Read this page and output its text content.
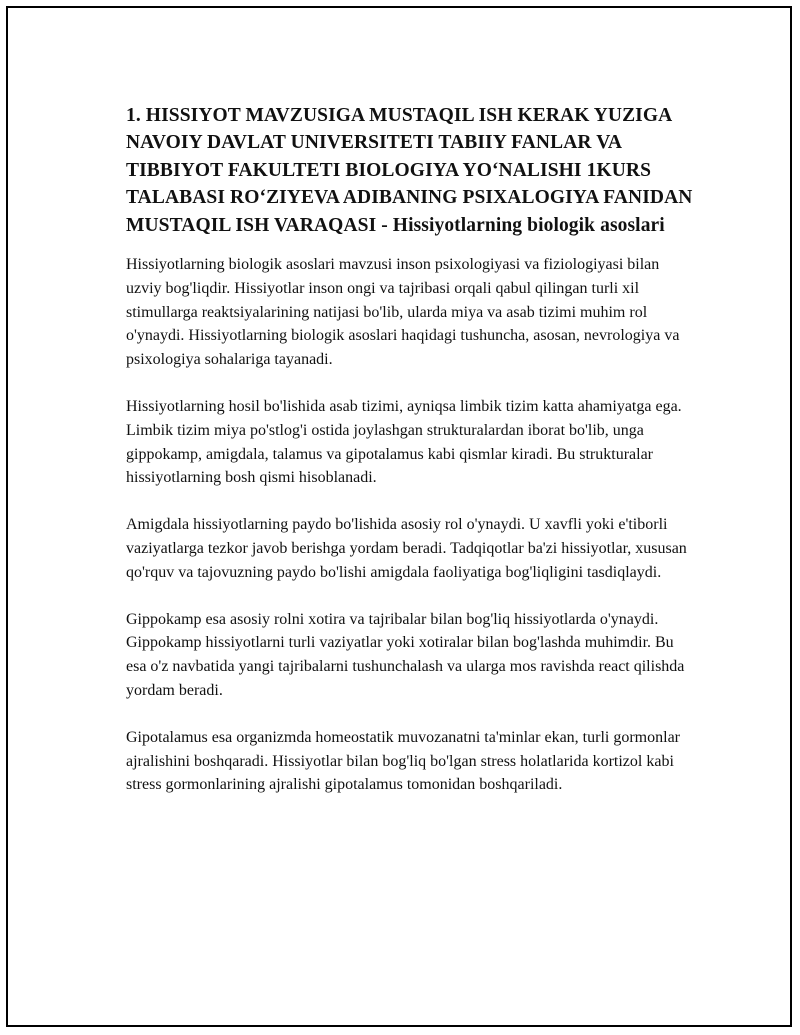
1. HISSIYOT MAVZUSIGA MUSTAQIL ISH KERAK YUZIGA NAVOIY DAVLAT UNIVERSITETI TABIIY FANLAR VA TIBBIYOT FAKULTETI BIOLOGIYA YO‘NALISHI 1KURS TALABASI RO‘ZIYEVA ADIBANING PSIXALOGIYA FANIDAN MUSTAQIL ISH VARAQASI - Hissiyotlarning biologik asoslari

Hissiyotlarning biologik asoslari mavzusi inson psixologiyasi va fiziologiyasi bilan uzviy bog'liqdir. Hissiyotlar inson ongi va tajribasi orqali qabul qilingan turli xil stimullarga reaktsiyalarining natijasi bo'lib, ularda miya va asab tizimi muhim rol o'ynaydi. Hissiyotlarning biologik asoslari haqidagi tushuncha, asosan, nevrologiya va psixologiya sohalariga tayanadi.

Hissiyotlarning hosil bo'lishida asab tizimi, ayniqsa limbik tizim katta ahamiyatga ega. Limbik tizim miya po'stlog'i ostida joylashgan strukturalardan iborat bo'lib, unga gippokamp, amigdala, talamus va gipotalamus kabi qismlar kiradi. Bu strukturalar hissiyotlarning bosh qismi hisoblanadi.

Amigdala hissiyotlarning paydo bo'lishida asosiy rol o'ynaydi. U xavfli yoki e'tiborli vaziyatlarga tezkor javob berishga yordam beradi. Tadqiqotlar ba'zi hissiyotlar, xususan qo'rquv va tajovuzning paydo bo'lishi amigdala faoliyatiga bog'liqligini tasdiqlaydi.

Gippokamp esa asosiy rolni xotira va tajribalar bilan bog'liq hissiyotlarda o'ynaydi. Gippokamp hissiyotlarni turli vaziyatlar yoki xotiralar bilan bog'lashda muhimdir. Bu esa o'z navbatida yangi tajribalarni tushunchalash va ularga mos ravishda react qilishda yordam beradi.

Gipotalamus esa organizmda homeostatik muvozanatni ta'minlar ekan, turli gormonlar ajralishini boshqaradi. Hissiyotlar bilan bog'liq bo'lgan stress holatlarida kortizol kabi stress gormonlarining ajralishi gipotalamus tomonidan boshqariladi.
